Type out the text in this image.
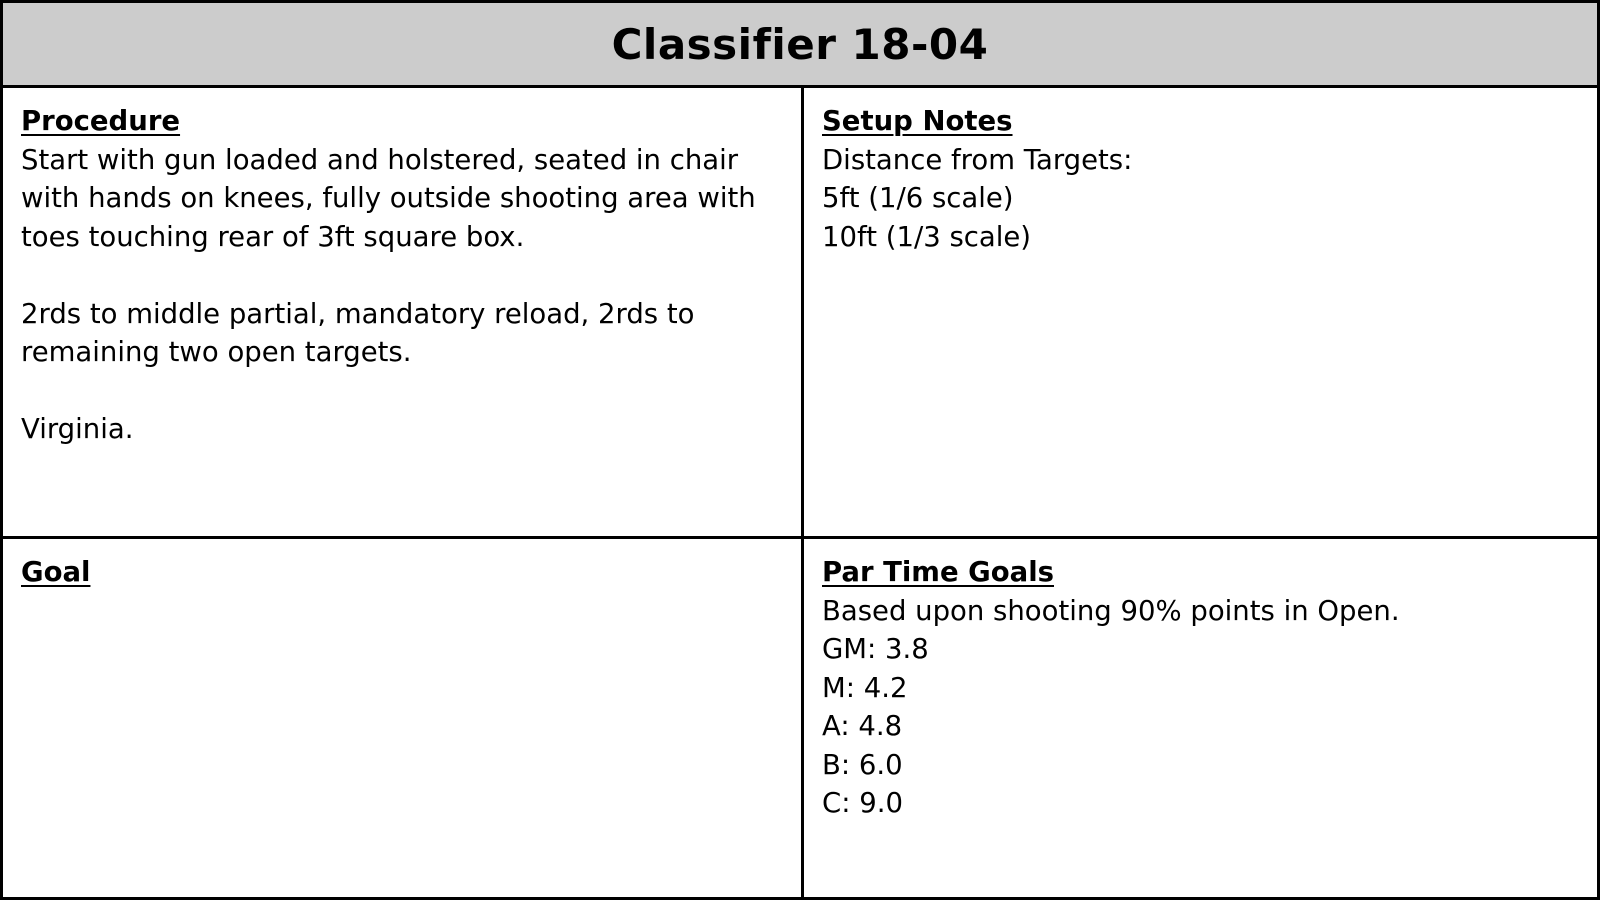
Classifier 18-04
Procedure
Start with gun loaded and holstered, seated in chair
with hands on knees, fully outside shooting area with
toes touching rear of 3ft square box.
2rds to middle partial, mandatory reload, 2rds to
remaining two open targets.
Virginia.
Setup Notes
Distance from Targets:
5ft (1/6 scale)
10ft (1/3 scale)
Goal	Par Time Goals
Based upon shooting 90% points in Open.
GM: 3.8
M: 4.2
A: 4.8
B: 6.0
C: 9.0
